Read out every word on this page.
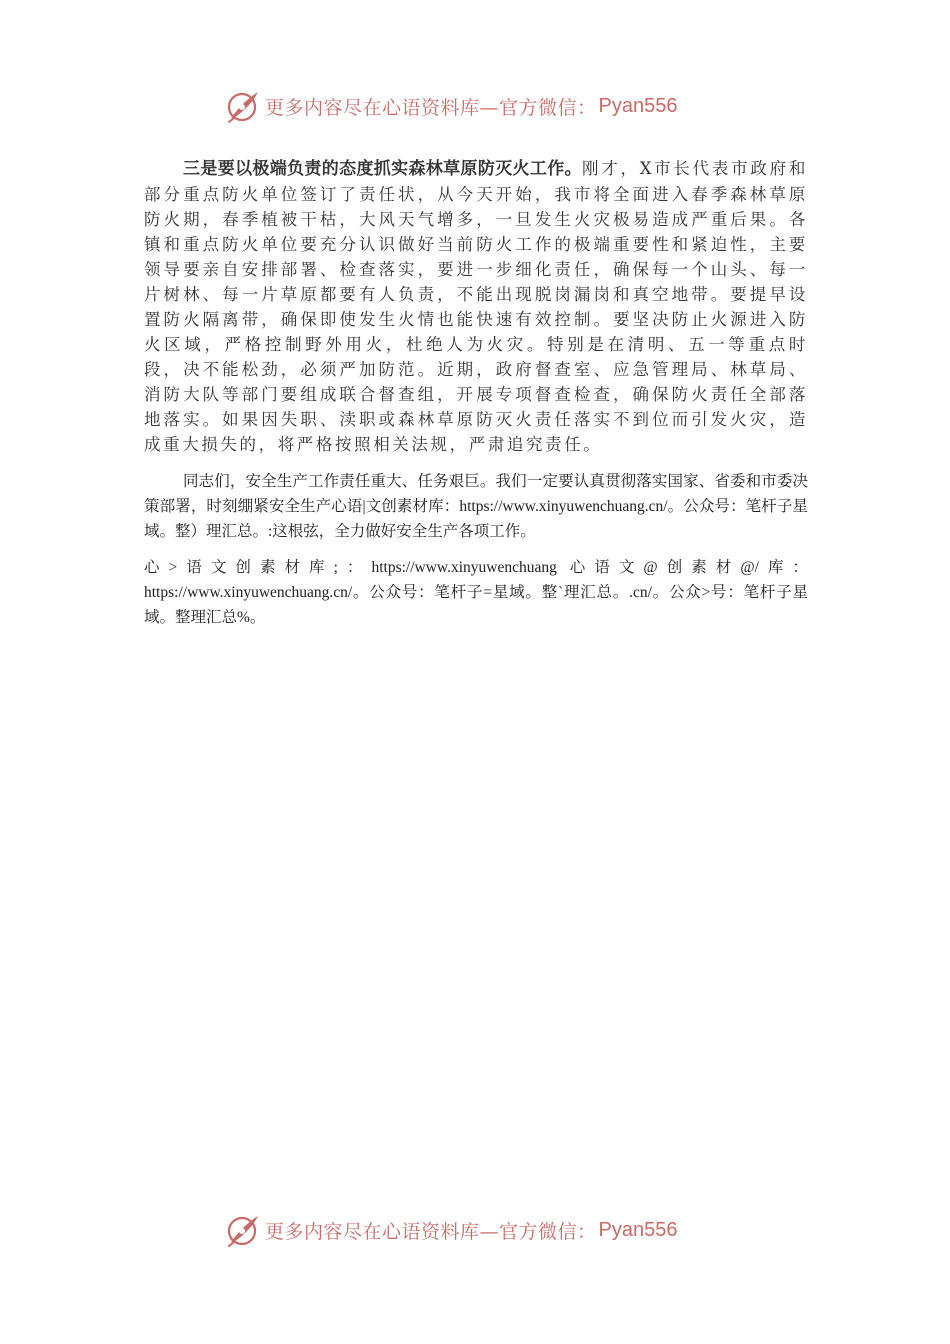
更多内容尽在心语资料库—官方微信： Pyan556

三是要以极端负责的态度抓实森林草原防灭火工作。刚才，X市长代表市政府和部分重点防火单位签订了责任状，从今天开始，我市将全面进入春季森林草原防火期，春季植被干枯，大风天气增多，一旦发生火灾极易造成严重后果。各镇和重点防火单位要充分认识做好当前防火工作的极端重要性和紧迫性，主要领导要亲自安排部署、检查落实，要进一步细化责任，确保每一个山头、每一片树林、每一片草原都要有人负责，不能出现脱岗漏岗和真空地带。要提早设置防火隔离带，确保即使发生火情也能快速有效控制。要坚决防止火源进入防火区域，严格控制野外用火，杜绝人为火灾。特别是在清明、五一等重点时段，决不能松劲，必须严加防范。近期，政府督查室、应急管理局、林草局、消防大队等部门要组成联合督查组，开展专项督查检查，确保防火责任全部落地落实。如果因失职、渎职或森林草原防灭火责任落实不到位而引发火灾，造成重大损失的，将严格按照相关法规，严肃追究责任。

同志们，安全生产工作责任重大、任务艰巨。我们一定要认真贯彻落实国家、省委和市委决策部署，时刻绷紧安全生产心语|文创素材库：https://www.xinyuwenchuang.cn/。公众号：笔杆子星域。整）理汇总。:这根弦，全力做好安全生产各项工作。

心>语文创素材库;：https://www.xinyuwenchuang 心语文@创素材@/库：https://www.xinyuwenchuang.cn/。公众号：笔杆子=星域。整`理汇总。.cn/。公众>号：笔杆子星域。整理汇总%。

更多内容尽在心语资料库—官方微信： Pyan556
